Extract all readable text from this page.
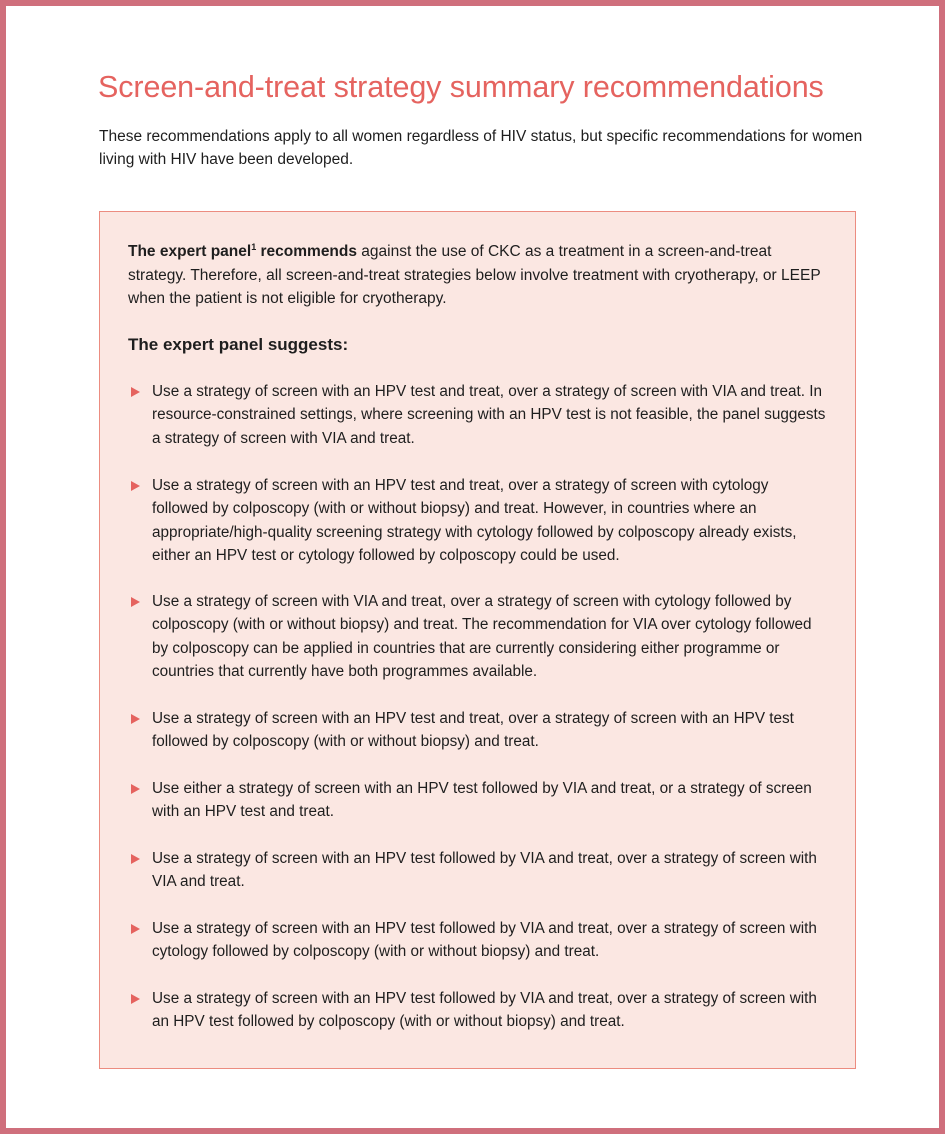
Screen-and-treat strategy summary recommendations

These recommendations apply to all women regardless of HIV status, but specific recommendations for women living with HIV have been developed.

The expert panel$^1$ recommends against the use of CKC as a treatment in a screen-and-treat strategy. Therefore, all screen-and-treat strategies below involve treatment with cryotherapy, or LEEP when the patient is not eligible for cryotherapy.

The expert panel suggests:
Use a strategy of screen with an HPV test and treat, over a strategy of screen with VIA and treat. In resource-constrained settings, where screening with an HPV test is not feasible, the panel suggests a strategy of screen with VIA and treat.
Use a strategy of screen with an HPV test and treat, over a strategy of screen with cytology followed by colposcopy (with or without biopsy) and treat. However, in countries where an appropriate/high-quality screening strategy with cytology followed by colposcopy already exists, either an HPV test or cytology followed by colposcopy could be used.
Use a strategy of screen with VIA and treat, over a strategy of screen with cytology followed by colposcopy (with or without biopsy) and treat. The recommendation for VIA over cytology followed by colposcopy can be applied in countries that are currently considering either programme or countries that currently have both programmes available.
Use a strategy of screen with an HPV test and treat, over a strategy of screen with an HPV test followed by colposcopy (with or without biopsy) and treat.
Use either a strategy of screen with an HPV test followed by VIA and treat, or a strategy of screen with an HPV test and treat.
Use a strategy of screen with an HPV test followed by VIA and treat, over a strategy of screen with VIA and treat.
Use a strategy of screen with an HPV test followed by VIA and treat, over a strategy of screen with cytology followed by colposcopy (with or without biopsy) and treat.
Use a strategy of screen with an HPV test followed by VIA and treat, over a strategy of screen with an HPV test followed by colposcopy (with or without biopsy) and treat.
